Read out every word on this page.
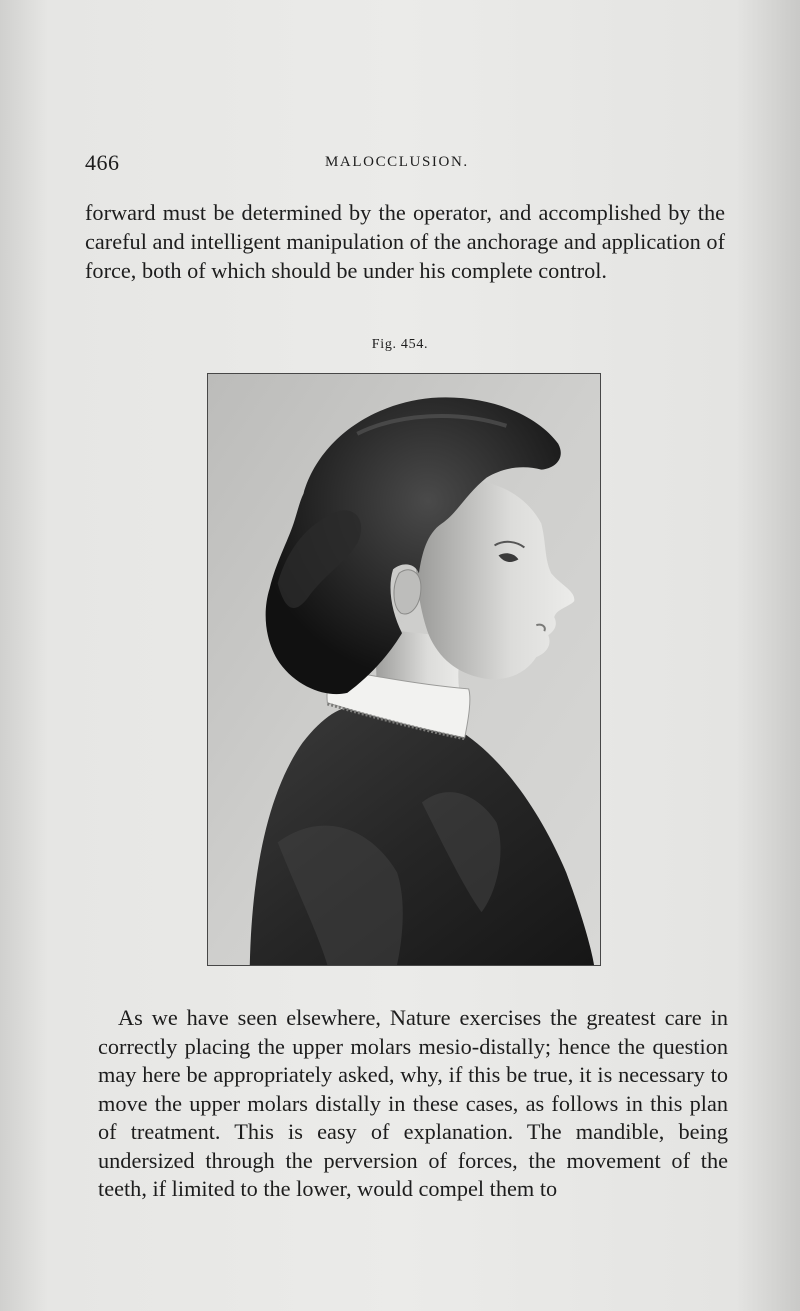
466	MALOCCLUSION.

forward must be determined by the operator, and accomplished by the careful and intelligent manipulation of the anchorage and application of force, both of which should be under his complete control.

Fig. 454.

As we have seen elsewhere, Nature exercises the greatest care in correctly placing the upper molars mesio-distally; hence the question may here be appropriately asked, why, if this be true, it is necessary to move the upper molars distally in these cases, as follows in this plan of treatment. This is easy of explanation. The mandible, being undersized through the perversion of forces, the movement of the teeth, if limited to the lower, would compel them to
